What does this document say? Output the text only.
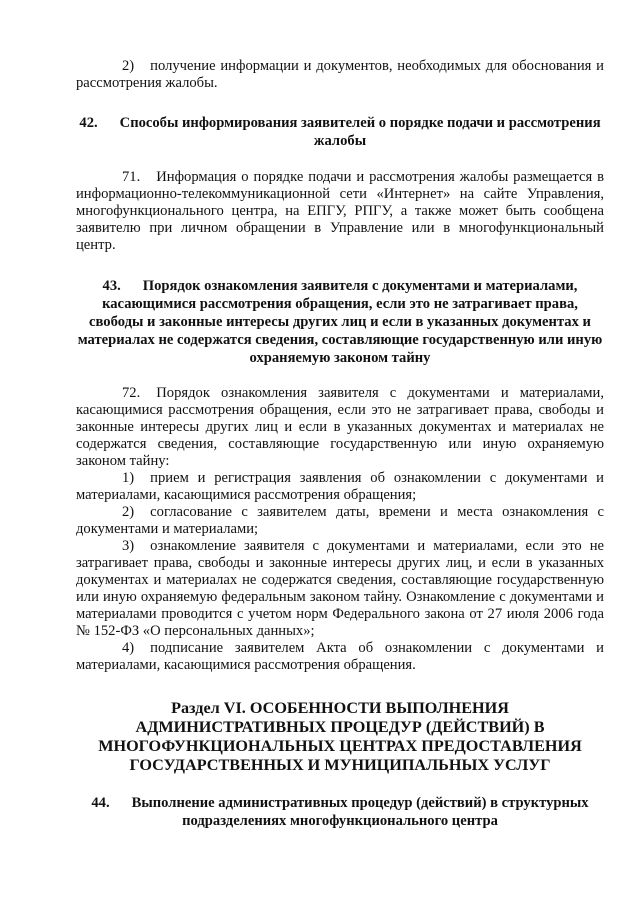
2) получение информации и документов, необходимых для обоснования и рассмотрения жалобы.

42. Способы информирования заявителей о порядке подачи и рассмотрения жалобы

71. Информация о порядке подачи и рассмотрения жалобы размещается в информационно-телекоммуникационной сети «Интернет» на сайте Управления, многофункционального центра, на ЕПГУ, РПГУ, а также может быть сообщена заявителю при личном обращении в Управление или в многофункциональный центр.

43. Порядок ознакомления заявителя с документами и материалами, касающимися рассмотрения обращения, если это не затрагивает права, свободы и законные интересы других лиц и если в указанных документах и материалах не содержатся сведения, составляющие государственную или иную охраняемую законом тайну

72. Порядок ознакомления заявителя с документами и материалами, касающимися рассмотрения обращения, если это не затрагивает права, свободы и законные интересы других лиц и если в указанных документах и материалах не содержатся сведения, составляющие государственную или иную охраняемую законом тайну:

1) прием и регистрация заявления об ознакомлении с документами и материалами, касающимися рассмотрения обращения;

2) согласование с заявителем даты, времени и места ознакомления с документами и материалами;

3) ознакомление заявителя с документами и материалами, если это не затрагивает права, свободы и законные интересы других лиц, и если в указанных документах и материалах не содержатся сведения, составляющие государственную или иную охраняемую федеральным законом тайну. Ознакомление с документами и материалами проводится с учетом норм Федерального закона от 27 июля 2006 года № 152-ФЗ «О персональных данных»;

4) подписание заявителем Акта об ознакомлении с документами и материалами, касающимися рассмотрения обращения.

Раздел VI. ОСОБЕННОСТИ ВЫПОЛНЕНИЯ АДМИНИСТРАТИВНЫХ ПРОЦЕДУР (ДЕЙСТВИЙ) В МНОГОФУНКЦИОНАЛЬНЫХ ЦЕНТРАХ ПРЕДОСТАВЛЕНИЯ ГОСУДАРСТВЕННЫХ И МУНИЦИПАЛЬНЫХ УСЛУГ

44. Выполнение административных процедур (действий) в структурных подразделениях многофункционального центра
